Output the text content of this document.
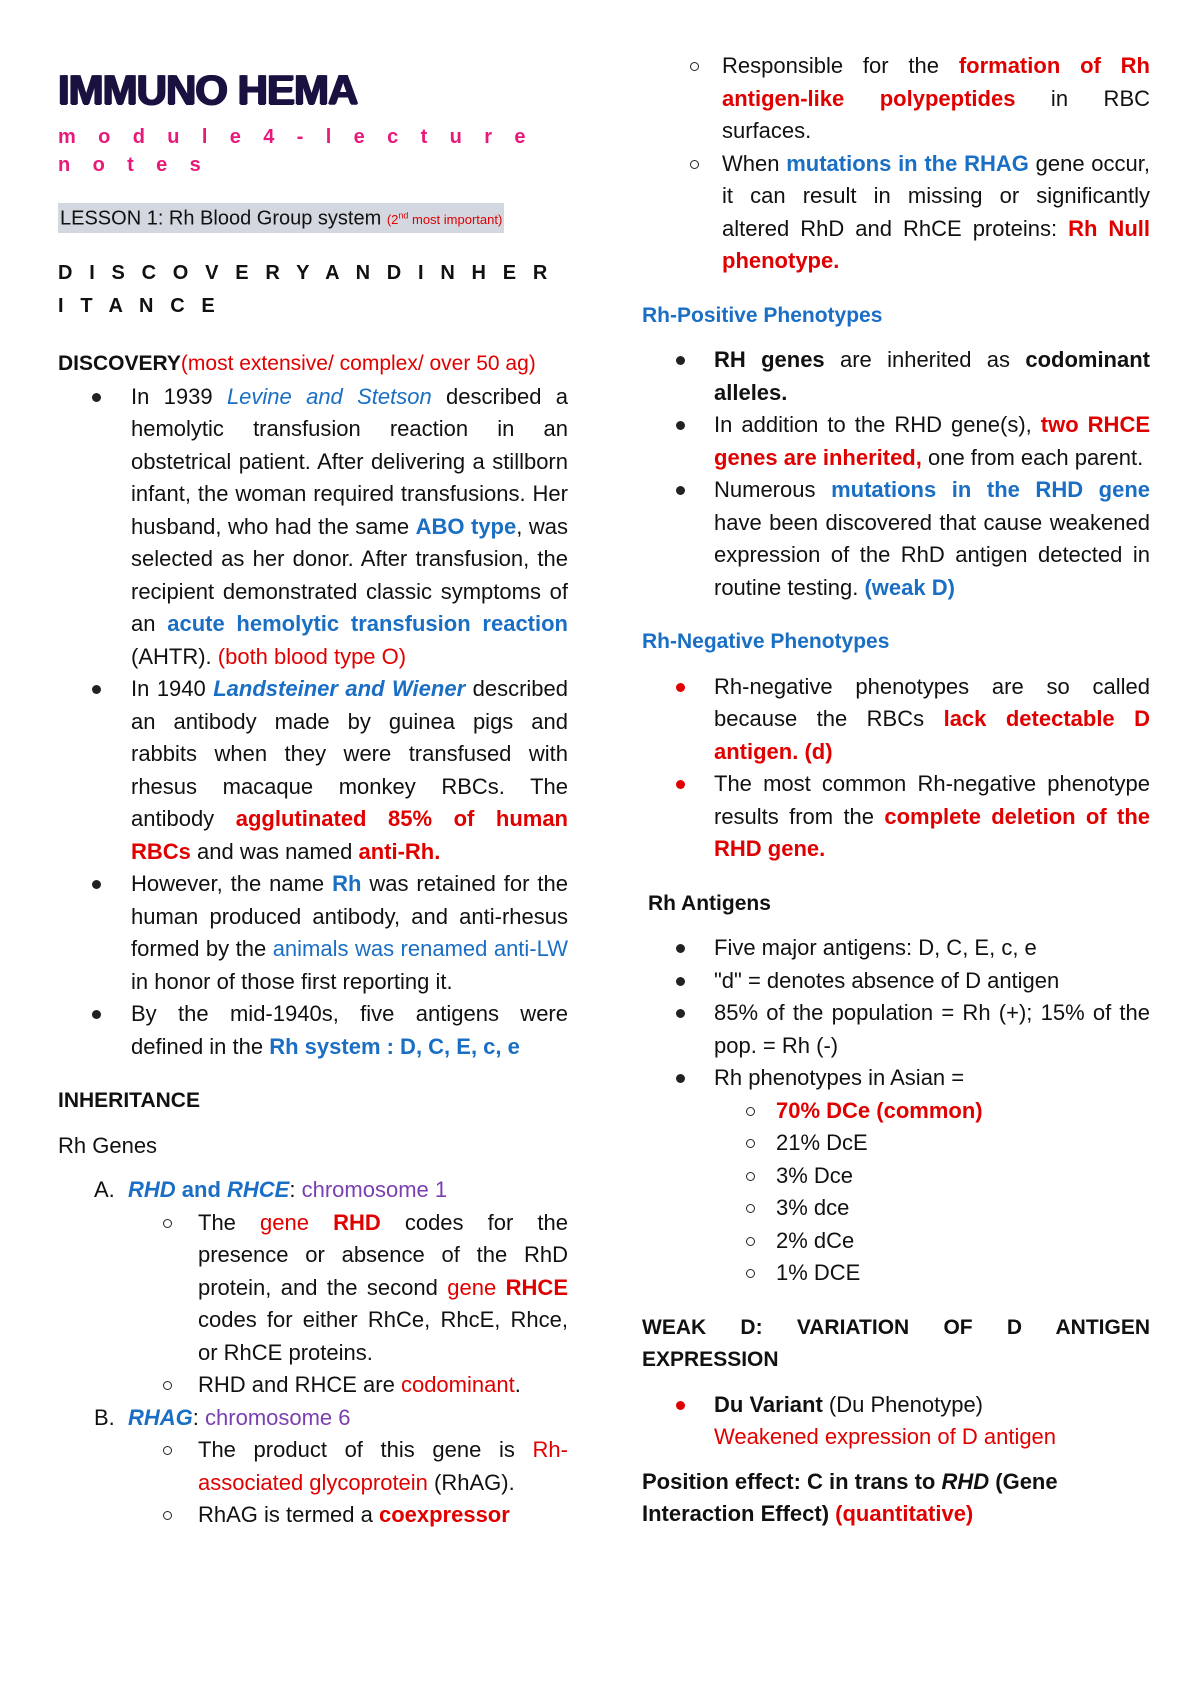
IMMUNO HEMA
m o d u l e 4 - l e c t u r e n o t e s
LESSON 1: Rh Blood Group system (2nd most important)
D I S C O V E R Y A N D I N H E R I T A N C E
DISCOVERY(most extensive/ complex/ over 50 ag)
In 1939 Levine and Stetson described a hemolytic transfusion reaction in an obstetrical patient. After delivering a stillborn infant, the woman required transfusions. Her husband, who had the same ABO type, was selected as her donor. After transfusion, the recipient demonstrated classic symptoms of an acute hemolytic transfusion reaction (AHTR). (both blood type O)
In 1940 Landsteiner and Wiener described an antibody made by guinea pigs and rabbits when they were transfused with rhesus macaque monkey RBCs. The antibody agglutinated 85% of human RBCs and was named anti-Rh.
However, the name Rh was retained for the human produced antibody, and anti-rhesus formed by the animals was renamed anti-LW in honor of those first reporting it.
By the mid-1940s, five antigens were defined in the Rh system : D, C, E, c, e
INHERITANCE
Rh Genes
A. RHD and RHCE: chromosome 1
The gene RHD codes for the presence or absence of the RhD protein, and the second gene RHCE codes for either RhCe, RhcE, Rhce, or RhCE proteins.
RHD and RHCE are codominant.
B. RHAG: chromosome 6
The product of this gene is Rh-associated glycoprotein (RhAG).
RhAG is termed a coexpressor
Responsible for the formation of Rh antigen-like polypeptides in RBC surfaces.
When mutations in the RHAG gene occur, it can result in missing or significantly altered RhD and RhCE proteins: Rh Null phenotype.
Rh-Positive Phenotypes
RH genes are inherited as codominant alleles.
In addition to the RHD gene(s), two RHCE genes are inherited, one from each parent.
Numerous mutations in the RHD gene have been discovered that cause weakened expression of the RhD antigen detected in routine testing. (weak D)
Rh-Negative Phenotypes
Rh-negative phenotypes are so called because the RBCs lack detectable D antigen. (d)
The most common Rh-negative phenotype results from the complete deletion of the RHD gene.
Rh Antigens
Five major antigens: D, C, E, c, e
"d" = denotes absence of D antigen
85% of the population = Rh (+); 15% of the pop. = Rh (-)
Rh phenotypes in Asian =
70% DCe (common)
21% DcE
3% Dce
3% dce
2% dCe
1% DCE
WEAK D: VARIATION OF D ANTIGEN EXPRESSION
Du Variant (Du Phenotype)
Weakened expression of D antigen
Position effect: C in trans to RHD (Gene Interaction Effect) (quantitative)
